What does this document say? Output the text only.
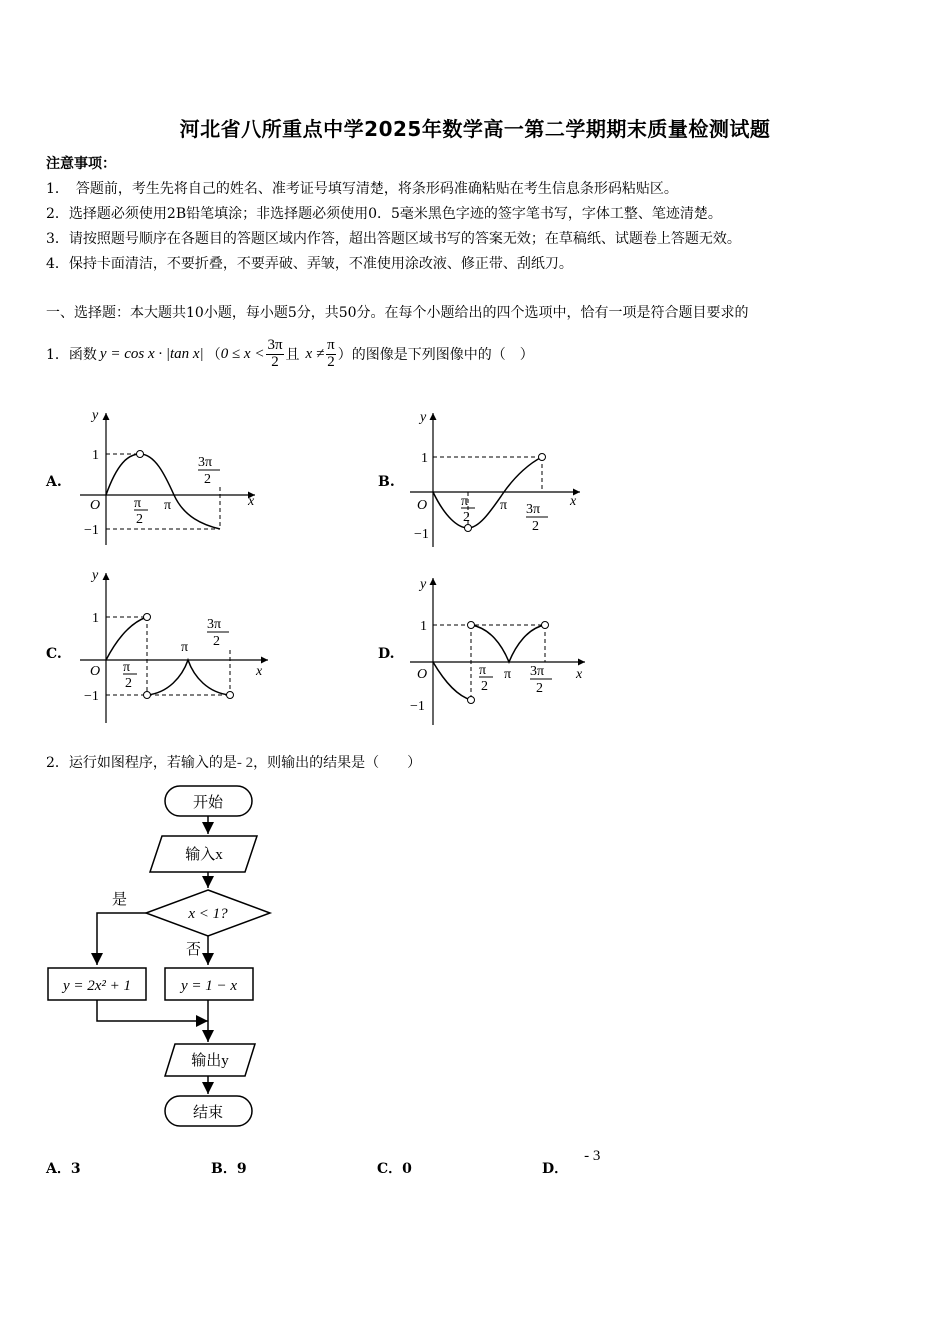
河北省八所重点中学2025年数学高一第二学期期末质量检测试题
注意事项：
1．　答题前，考生先将自己的姓名、准考证号填写清楚，将条形码准确粘贴在考生信息条形码粘贴区。
2．选择题必须使用2B铅笔填涂；非选择题必须使用0．5毫米黑色字迹的签字笔书写，字体工整、笔迹清楚。
3．请按照题号顺序在各题目的答题区域内作答，超出答题区域书写的答案无效；在草稿纸、试题卷上答题无效。
4．保持卡面清洁，不要折叠，不要弄破、弄皱，不准使用涂改液、修正带、刮纸刀。
一、选择题：本大题共10小题，每小题5分，共50分。在每个小题给出的四个选项中，恰有一项是符合题目要求的
1． 函数 y = cos x · |tan x| （ $0 \le x < \frac{3\pi}{2}$ 且 $x \ne \frac{\pi}{2}$ ）的图像是下列图像中的（　）
A.	B.
C.	D.
y
x
O
1
−1
π
2
π
3π
2
y
x
O
1
−1
π
2
π 3π
2
y
x
O
1
−1
π
2
π
3π
2
y
x
O
1
−1
π
2
π 3π
2
2．运行如图程序，若输入的是- 2，则输出的结果是（　　）
开始
输入x
x < 1?
是
否
y = 2x² + 1	y = 1 − x
输出y
结束
A．3	B．9	C．0	D．- 3
